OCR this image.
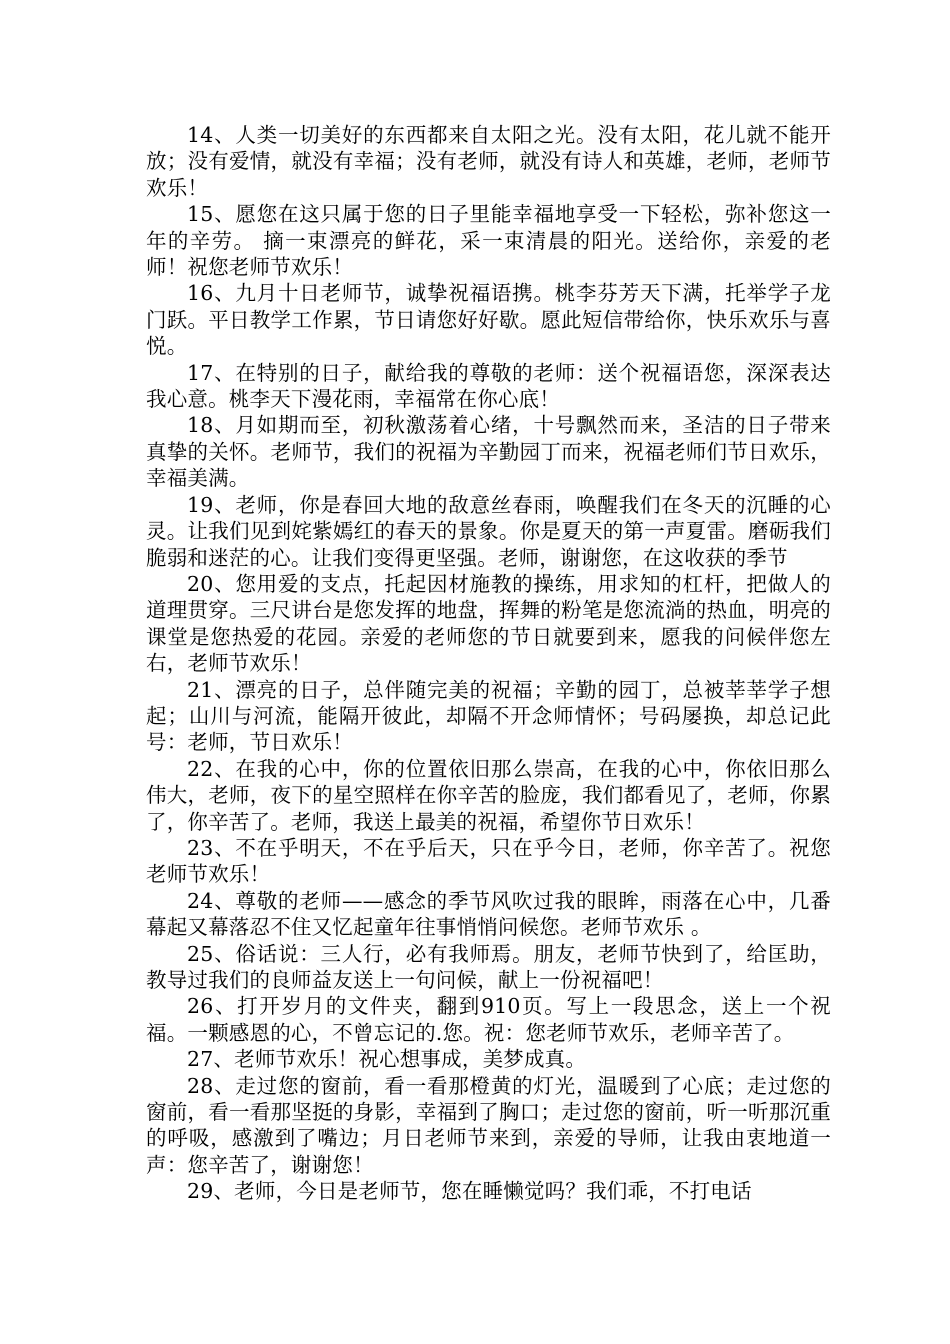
14、人类一切美好的东西都来自太阳之光。没有太阳，花儿就不能开放；没有爱情，就没有幸福；没有老师，就没有诗人和英雄，老师，老师节欢乐！

15、愿您在这只属于您的日子里能幸福地享受一下轻松，弥补您这一年的辛劳。 摘一束漂亮的鲜花，采一束清晨的阳光。送给你，亲爱的老师！祝您老师节欢乐！

16、九月十日老师节，诚挚祝福语携。桃李芬芳天下满，托举学子龙门跃。平日教学工作累，节日请您好好歇。愿此短信带给你，快乐欢乐与喜悦。

17、在特别的日子，献给我的尊敬的老师：送个祝福语您，深深表达我心意。桃李天下漫花雨，幸福常在你心底！

18、月如期而至，初秋激荡着心绪，十号飘然而来，圣洁的日子带来真挚的关怀。老师节，我们的祝福为辛勤园丁而来，祝福老师们节日欢乐，幸福美满。

19、老师，你是春回大地的敌意丝春雨，唤醒我们在冬天的沉睡的心灵。让我们见到姹紫嫣红的春天的景象。你是夏天的第一声夏雷。磨砺我们脆弱和迷茫的心。让我们变得更坚强。老师，谢谢您，在这收获的季节

20、您用爱的支点，托起因材施教的操练，用求知的杠杆，把做人的道理贯穿。三尺讲台是您发挥的地盘，挥舞的粉笔是您流淌的热血，明亮的课堂是您热爱的花园。亲爱的老师您的节日就要到来，愿我的问候伴您左右，老师节欢乐！

21、漂亮的日子，总伴随完美的祝福；辛勤的园丁，总被莘莘学子想起；山川与河流，能隔开彼此，却隔不开念师情怀；号码屡换，却总记此号：老师，节日欢乐！

22、在我的心中，你的位置依旧那么崇高，在我的心中，你依旧那么伟大，老师，夜下的星空照样在你辛苦的脸庞，我们都看见了，老师，你累了，你辛苦了。老师，我送上最美的祝福，希望你节日欢乐！

23、不在乎明天，不在乎后天，只在乎今日，老师，你辛苦了。祝您老师节欢乐！

24、尊敬的老师——感念的季节风吹过我的眼眸，雨落在心中，几番幕起又幕落忍不住又忆起童年往事悄悄问候您。老师节欢乐 。

25、俗话说：三人行，必有我师焉。朋友，老师节快到了，给匡助，教导过我们的良师益友送上一句问候，献上一份祝福吧！

26、打开岁月的文件夹，翻到910页。写上一段思念，送上一个祝福。一颗感恩的心，不曾忘记的.您。祝：您老师节欢乐，老师辛苦了。

27、老师节欢乐！祝心想事成，美梦成真。

28、走过您的窗前，看一看那橙黄的灯光，温暖到了心底；走过您的窗前，看一看那坚挺的身影，幸福到了胸口；走过您的窗前，听一听那沉重的呼吸，感激到了嘴边；月日老师节来到，亲爱的导师，让我由衷地道一声：您辛苦了，谢谢您！

29、老师，今日是老师节，您在睡懒觉吗？我们乖，不打电话
